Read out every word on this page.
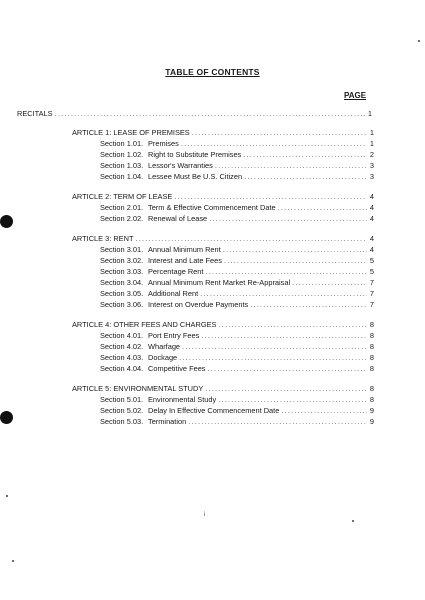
TABLE OF CONTENTS
PAGE
RECITALS .....	1
ARTICLE 1: LEASE OF PREMISES .....	1
Section 1.01. Premises .....	1
Section 1.02. Right to Substitute Premises .....	2
Section 1.03. Lessor's Warranties .....	3
Section 1.04. Lessee Must Be U.S. Citizen .....	3
ARTICLE 2: TERM OF LEASE .....	4
Section 2.01. Term & Effective Commencement Date .....	4
Section 2.02. Renewal of Lease .....	4
ARTICLE 3: RENT .....	4
Section 3.01. Annual Minimum Rent .....	4
Section 3.02. Interest and Late Fees .....	5
Section 3.03. Percentage Rent .....	5
Section 3.04. Annual Minimum Rent Market Re-Appraisal .....	7
Section 3.05. Additional Rent .....	7
Section 3.06. Interest on Overdue Payments .....	7
ARTICLE 4: OTHER FEES AND CHARGES .....	8
Section 4.01. Port Entry Fees .....	8
Section 4.02. Wharfage .....	8
Section 4.03. Dockage .....	8
Section 4.04. Competitive Fees .....	8
ARTICLE 5: ENVIRONMENTAL STUDY .....	8
Section 5.01. Environmental Study .....	8
Section 5.02. Delay In Effective Commencement Date .....	9
Section 5.03. Termination .....	9
i
